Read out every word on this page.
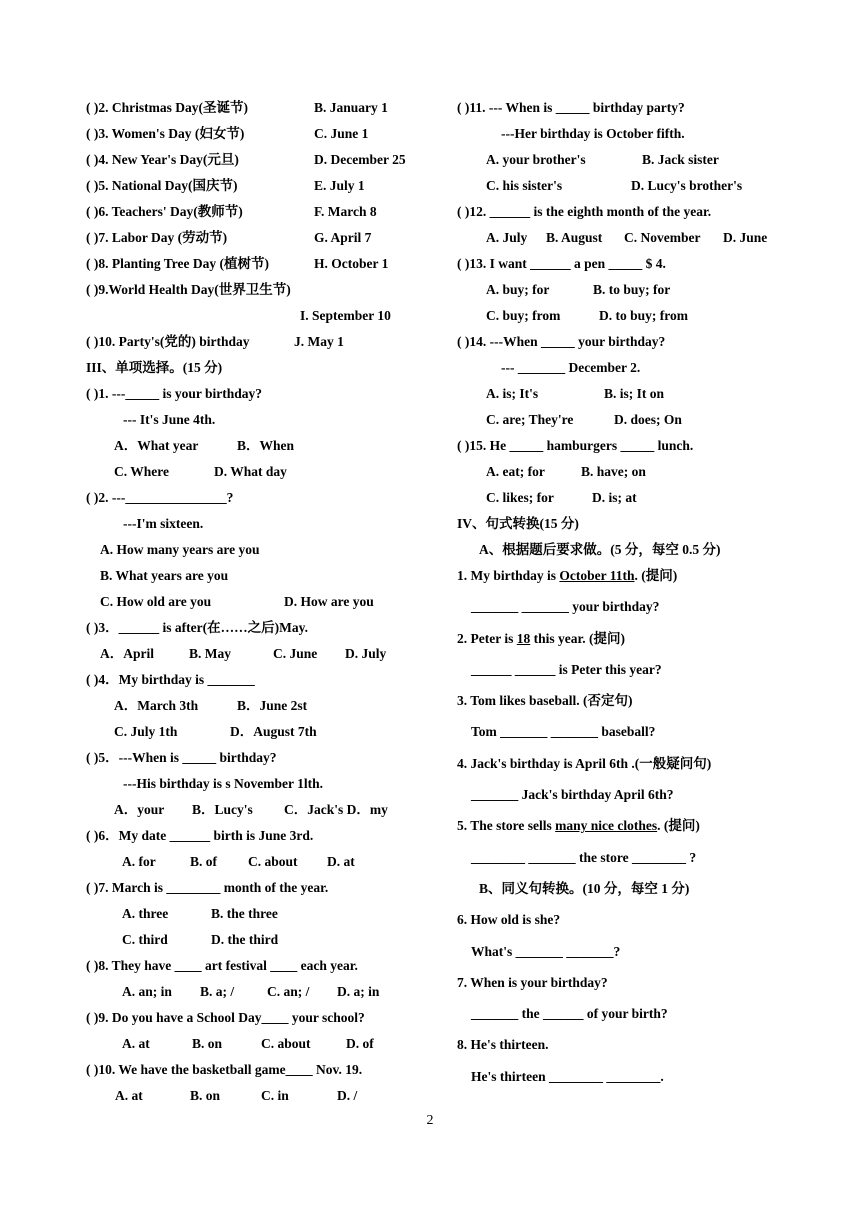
( )2. Christmas Day(圣诞节)	B. January 1
( )3. Women's Day (妇女节)	C. June 1
( )4. New Year's Day(元旦)	D. December 25
( )5. National Day(国庆节)	E. July 1
( )6. Teachers' Day(教师节)	F. March 8
( )7. Labor Day (劳动节)	G. April 7
( )8. Planting Tree Day (植树节)	H. October 1
( )9.World Health Day(世界卫生节)
I. September 10
( )10. Party's(党的) birthday	J. May 1
III、单项选择。(15 分)
( )1. ---_____ is your birthday?
--- It's June 4th.
A．What year	B．When
C. Where	D. What day
( )2. ---_______________?
---I'm sixteen.
A. How many years are you
B. What years are you
C. How old are you	D. How are you
( )3．______ is after(在……之后)May.
A．April	B. May	C. June D. July
( )4．My birthday is _______
A．March 3th	B．June 2st
C. July 1th	D．August 7th
( )5．---When is _____ birthday?
---His birthday is s November 1lth.
A．your B．Lucy's C．Jack's D．my
( )6．My date ______ birth is June 3rd.
A. for	B. of C. about D. at
( )7. March is ________ month of the year.
A. three	B. the three
C. third	D. the third
( )8. They have ____ art festival ____ each year.
A. an; in B. a; / C. an; / D. a; in
( )9. Do you have a School Day____ your school?
A. at	B. on	C. about	D. of
( )10. We have the basketball game____ Nov. 19.
A. at	B. on	C. in	D. /
( )11. --- When is _____ birthday party?
---Her birthday is October fifth.
A. your brother's	B. Jack sister
C. his sister's	D. Lucy's brother's
( )12. ______ is the eighth month of the year.
A. July B. August C. November D. June
( )13. I want ______ a pen _____ $ 4.
A. buy; for	B. to buy; for
C. buy; from	D. to buy; from
( )14. ---When _____ your birthday?
--- _______ December 2.
A. is; It's	B. is; It on
C. are; They're	D. does; On
( )15. He _____ hamburgers _____ lunch.
A. eat; for	B. have; on
C. likes; for	D. is; at
IV、句式转换(15 分)
A、根据题后要求做。(5 分，每空 0.5 分)
1. My birthday is October 11th. (提问)
_______ _______ your birthday?
2. Peter is 18 this year. (提问)
______ ______ is Peter this year?
3. Tom likes baseball. (否定句)
Tom _______ _______ baseball?
4. Jack's birthday is April 6th .(一般疑问句)
_______ Jack's birthday April 6th?
5. The store sells many nice clothes. (提问)
________ _______ the store ________ ?
B、同义句转换。(10 分，每空 1 分)
6. How old is she?
What's _______ _______?
7. When is your birthday?
_______ the ______ of your birth?
8. He's thirteen.
He's thirteen ________ ________.
2
